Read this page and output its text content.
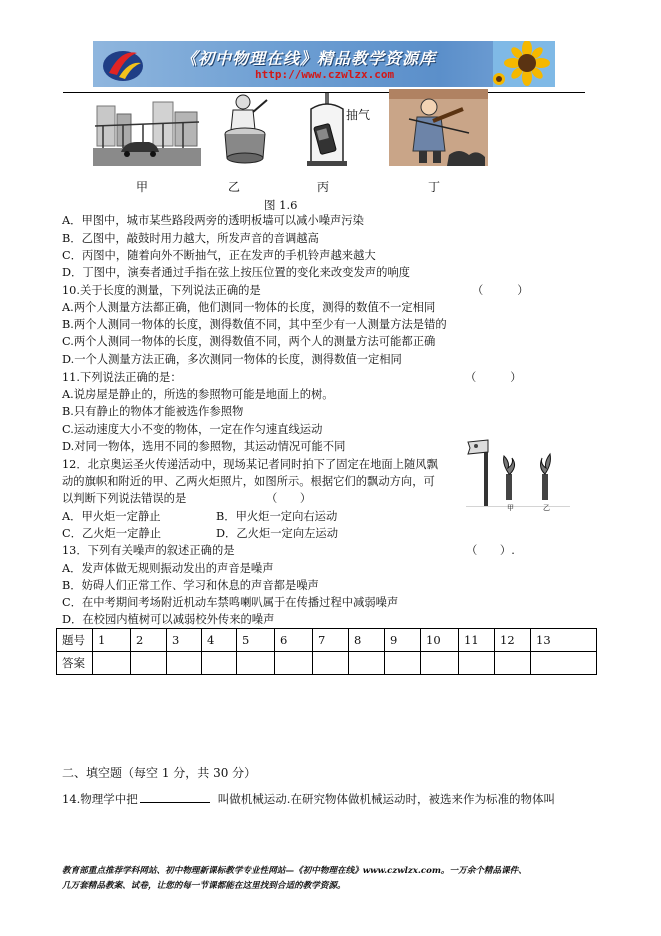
《初中物理在线》精品教学资源库
http://www.czwlzx.com
抽气
甲	乙	丙	丁
图 1.6
A．甲图中，城市某些路段两旁的透明板墙可以减小噪声污染
B．乙图中，敲鼓时用力越大，所发声音的音调越高
C．丙图中，随着向外不断抽气，正在发声的手机铃声越来越大
D．丁图中，演奏者通过手指在弦上按压位置的变化来改变发声的响度
10.关于长度的测量，下列说法正确的是	（　　　）
A.两个人测量方法都正确，他们测同一物体的长度，测得的数值不一定相同
B.两个人测同一物体的长度，测得数值不同，其中至少有一人测量方法是错的
C.两个人测同一物体的长度，测得数值不同，两个人的测量方法可能都正确
D.一个人测量方法正确，多次测同一物体的长度，测得数值一定相同
11.下列说法正确的是：	（　　　）
A.说房屋是静止的，所选的参照物可能是地面上的树。
B.只有静止的物体才能被选作参照物
C.运动速度大小不变的物体，一定在作匀速直线运动
D.对同一物体，选用不同的参照物，其运动情况可能不同
甲	乙
12．北京奥运圣火传递活动中，现场某记者同时拍下了固定在地面上随风飘
动的旗帜和附近的甲、乙两火炬照片，如图所示。根据它们的飘动方向，可
以判断下列说法错误的是	（　　）
A．甲火炬一定静止	B．甲火炬一定向右运动
C．乙火炬一定静止	D．乙火炬一定向左运动
13．下列有关噪声的叙述正确的是	（　　）.
A．发声体做无规则振动发出的声音是噪声
B．妨碍人们正常工作、学习和休息的声音都是噪声
C．在中考期间考场附近机动车禁鸣喇叭属于在传播过程中减弱噪声
D．在校园内植树可以减弱校外传来的噪声
题号	1	2	3	4	5	6	7	8	9	10	11	12	13
答案													
二、填空题（每空 1 分，共 30 分）
14.物理学中把	叫做机械运动.在研究物体做机械运动时，被选来作为标准的物体叫
教育部重点推荐学科网站、初中物理新课标教学专业性网站—《初中物理在线》www.czwlzx.com。一万余个精品课件、
几万套精品教案、试卷，让您的每一节课都能在这里找到合适的教学资源。
